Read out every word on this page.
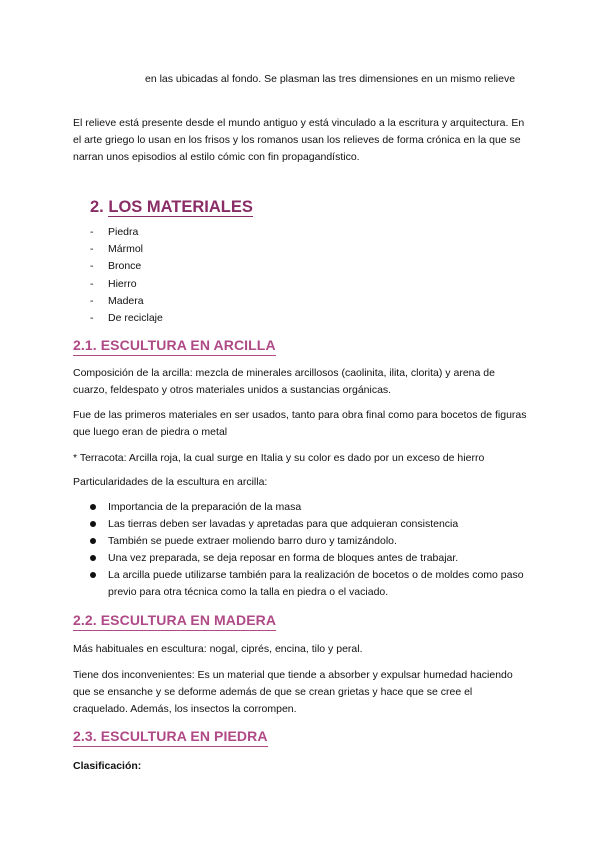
en las ubicadas al fondo. Se plasman las tres dimensiones en un mismo relieve

El relieve está presente desde el mundo antiguo y está vinculado a la escritura y arquitectura. En el arte griego lo usan en los frisos y los romanos usan los relieves de forma crónica en la que se narran unos episodios al estilo cómic con fin propagandístico.

2. LOS MATERIALES
- Piedra
- Mármol
- Bronce
- Hierro
- Madera
- De reciclaje
2.1. ESCULTURA EN ARCILLA

Composición de la arcilla: mezcla de minerales arcillosos (caolinita, ilita, clorita) y arena de cuarzo, feldespato y otros materiales unidos a sustancias orgánicas.

Fue de las primeros materiales en ser usados, tanto para obra final como para bocetos de figuras que luego eran de piedra o metal

* Terracota: Arcilla roja, la cual surge en Italia y su color es dado por un exceso de hierro

Particularidades de la escultura en arcilla:

Importancia de la preparación de la masa
Las tierras deben ser lavadas y apretadas para que adquieran consistencia
También se puede extraer moliendo barro duro y tamizándolo.
Una vez preparada, se deja reposar en forma de bloques antes de trabajar.
La arcilla puede utilizarse también para la realización de bocetos o de moldes como paso previo para otra técnica como la talla en piedra o el vaciado.
2.2. ESCULTURA EN MADERA

Más habituales en escultura: nogal, ciprés, encina, tilo y peral.

Tiene dos inconvenientes: Es un material que tiende a absorber y expulsar humedad haciendo que se ensanche y se deforme además de que se crean grietas y hace que se cree el craquelado. Además, los insectos la corrompen.

2.3. ESCULTURA EN PIEDRA

Clasificación:
